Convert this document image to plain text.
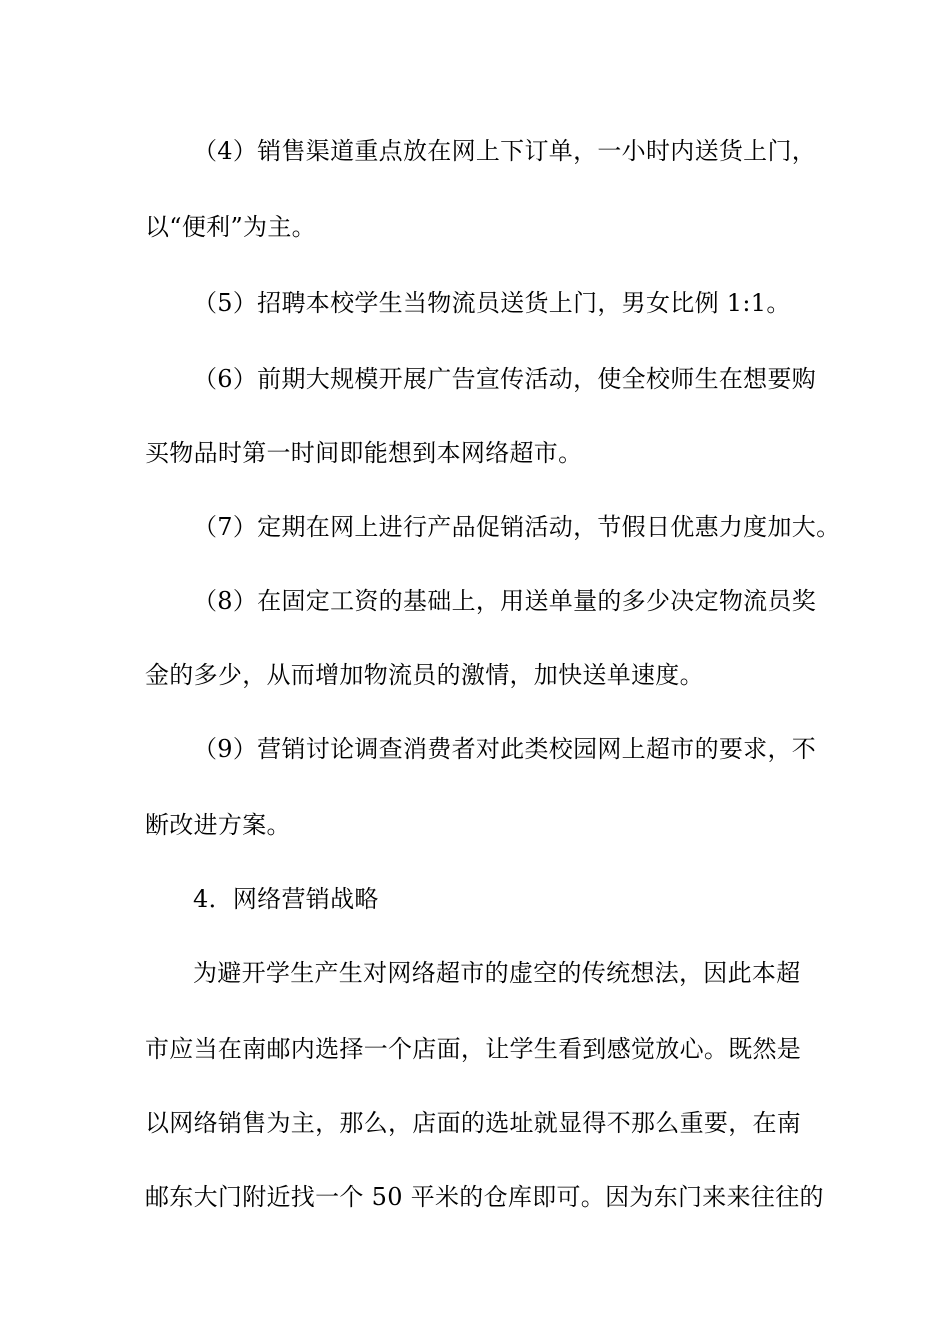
（4）销售渠道重点放在网上下订单，一小时内送货上门，
以“便利”为主。
（5）招聘本校学生当物流员送货上门，男女比例 1:1。
（6）前期大规模开展广告宣传活动，使全校师生在想要购
买物品时第一时间即能想到本网络超市。
（7）定期在网上进行产品促销活动，节假日优惠力度加大。
（8）在固定工资的基础上，用送单量的多少决定物流员奖
金的多少，从而增加物流员的激情，加快送单速度。
（9）营销讨论调查消费者对此类校园网上超市的要求，不
断改进方案。
4．网络营销战略
为避开学生产生对网络超市的虚空的传统想法，因此本超
市应当在南邮内选择一个店面，让学生看到感觉放心。既然是
以网络销售为主，那么，店面的选址就显得不那么重要，在南
邮东大门附近找一个 50 平米的仓库即可。因为东门来来往往的
